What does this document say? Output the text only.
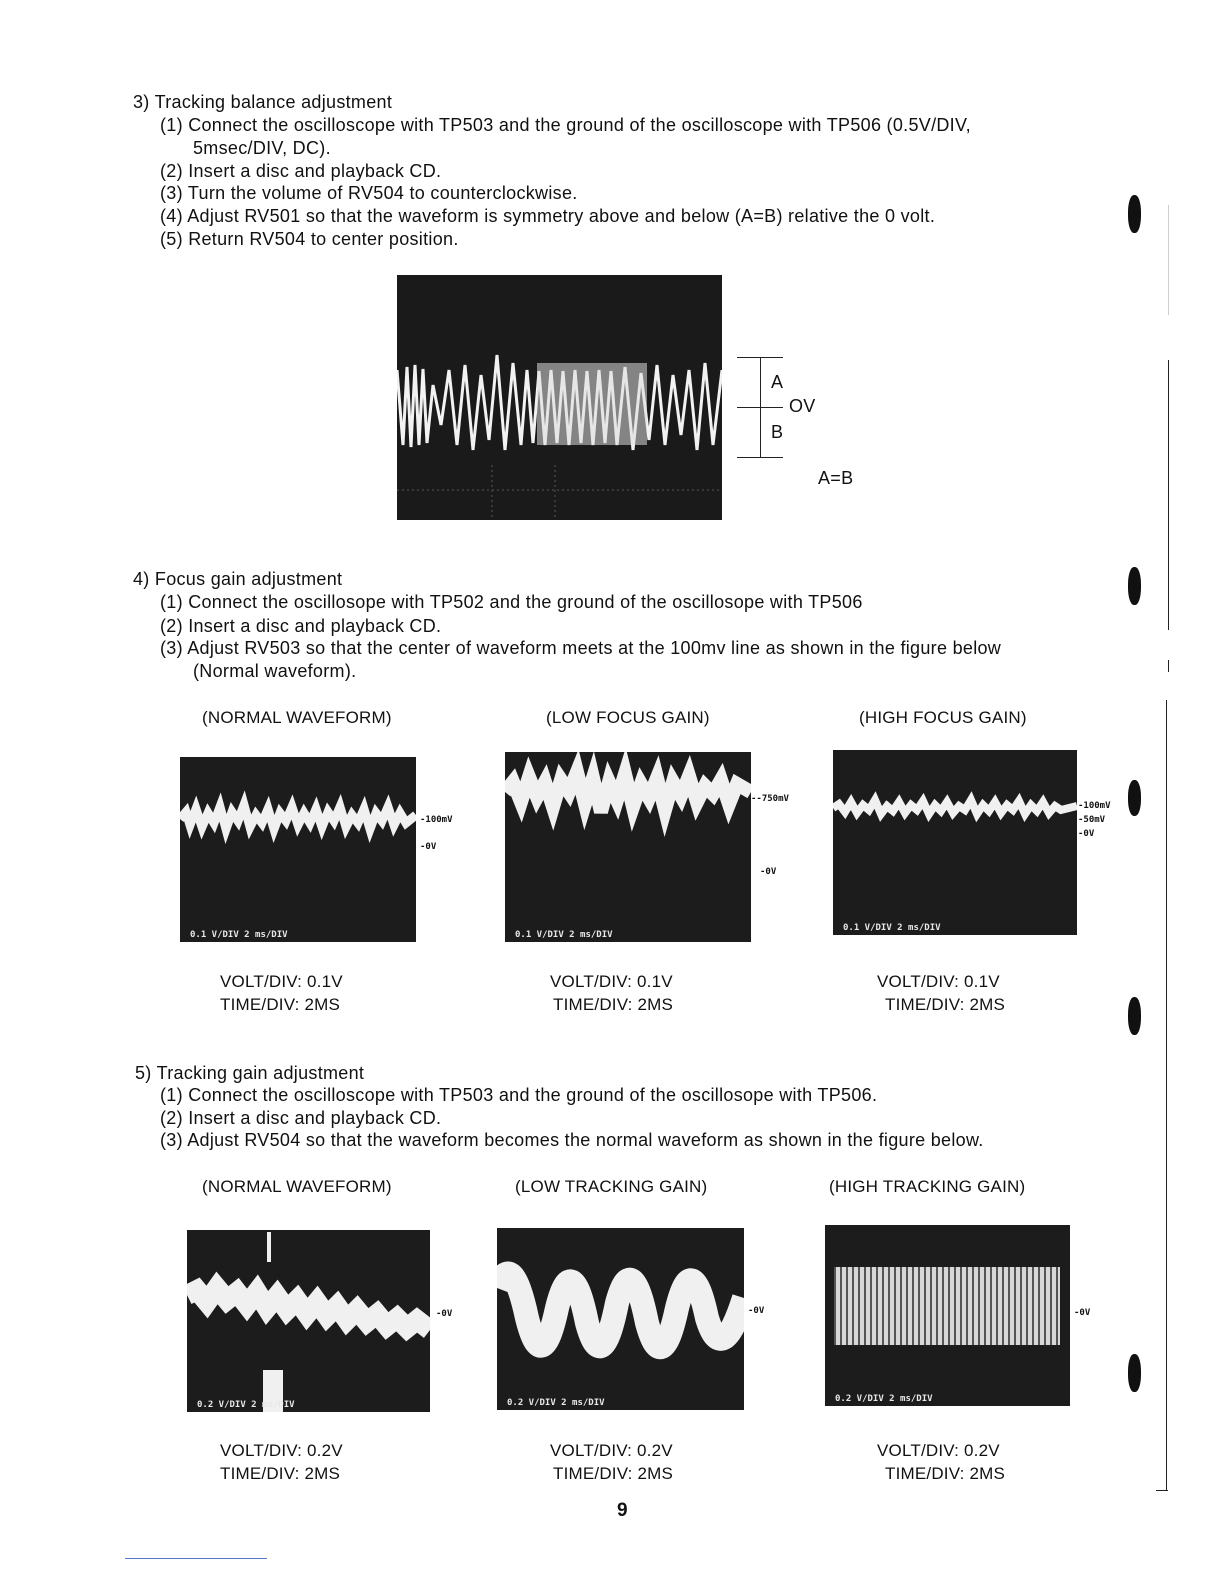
3) Tracking balance adjustment
(1) Connect the oscilloscope with TP503 and the ground of the oscilloscope with TP506 (0.5V/DIV,
5msec/DIV, DC).
(2) Insert a disc and playback CD.
(3) Turn the volume of RV504 to counterclockwise.
(4) Adjust RV501 so that the waveform is symmetry above and below (A=B) relative the 0 volt.
(5) Return RV504 to center position.
A
OV
B
A=B
4) Focus gain adjustment
(1) Connect the oscillosope with TP502 and the ground of the oscillosope with TP506
(2) Insert a disc and playback CD.
(3) Adjust RV503 so that the center of waveform meets at the 100mv line as shown in the figure below
(Normal waveform).
(NORMAL WAVEFORM)	(LOW FOCUS GAIN)	(HIGH FOCUS GAIN)
0.1 V/DIV 2 ms/DIV
-100mV
-0V
0.1 V/DIV 2 ms/DIV
--750mV
-0V
0.1 V/DIV 2 ms/DIV
-100mV
-50mV
-0V
VOLT/DIV: 0.1V
TIME/DIV: 2MS
VOLT/DIV: 0.1V
TIME/DIV: 2MS
VOLT/DIV: 0.1V
TIME/DIV: 2MS
5) Tracking gain adjustment
(1) Connect the oscilloscope with TP503 and the ground of the oscillosope with TP506.
(2) Insert a disc and playback CD.
(3) Adjust RV504 so that the waveform becomes the normal waveform as shown in the figure below.
(NORMAL WAVEFORM)	(LOW TRACKING GAIN)	(HIGH TRACKING GAIN)
0.2 V/DIV 2 ms/DIV
-0V
0.2 V/DIV 2 ms/DIV
-0V
0.2 V/DIV 2 ms/DIV
-0V
VOLT/DIV: 0.2V
TIME/DIV: 2MS
VOLT/DIV: 0.2V
TIME/DIV: 2MS
VOLT/DIV: 0.2V
TIME/DIV: 2MS
9
